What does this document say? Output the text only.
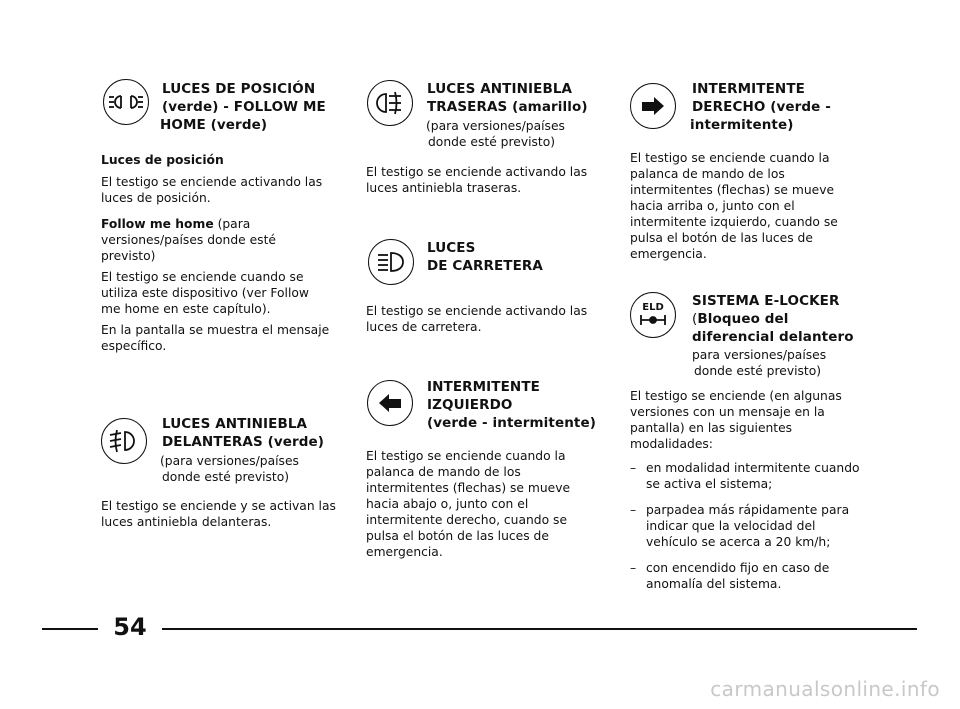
LUCES DE POSICIÓN
(verde) - FOLLOW ME
HOME (verde)
Luces de posición
El testigo se enciende activando las
luces de posición.
Follow me home (para
versiones/países donde esté
previsto)
El testigo se enciende cuando se
utiliza este dispositivo (ver Follow
me home en este capítulo).
En la pantalla se muestra el mensaje
específico.
LUCES ANTINIEBLA
DELANTERAS (verde)
(para versiones/países
donde esté previsto)
El testigo se enciende y se activan las
luces antiniebla delanteras.
LUCES ANTINIEBLA
TRASERAS (amarillo)
(para versiones/países
donde esté previsto)
El testigo se enciende activando las
luces antiniebla traseras.
LUCES
DE CARRETERA
El testigo se enciende activando las
luces de carretera.
INTERMITENTE
IZQUIERDO
(verde - intermitente)
El testigo se enciende cuando la
palanca de mando de los
intermitentes (flechas) se mueve
hacia abajo o, junto con el
intermitente derecho, cuando se
pulsa el botón de las luces de
emergencia.
INTERMITENTE
DERECHO (verde -
intermitente)
El testigo se enciende cuando la
palanca de mando de los
intermitentes (flechas) se mueve
hacia arriba o, junto con el
intermitente izquierdo, cuando se
pulsa el botón de las luces de
emergencia.
ELD SISTEMA E-LOCKER
(Bloqueo del
diferencial delantero
para versiones/países
donde esté previsto)
El testigo se enciende (en algunas
versiones con un mensaje en la
pantalla) en las siguientes
modalidades:
– en modalidad intermitente cuando
se activa el sistema;
– parpadea más rápidamente para
indicar que la velocidad del
vehículo se acerca a 20 km/h;
– con encendido fijo en caso de
anomalía del sistema.
54
carmanualsonline.info
